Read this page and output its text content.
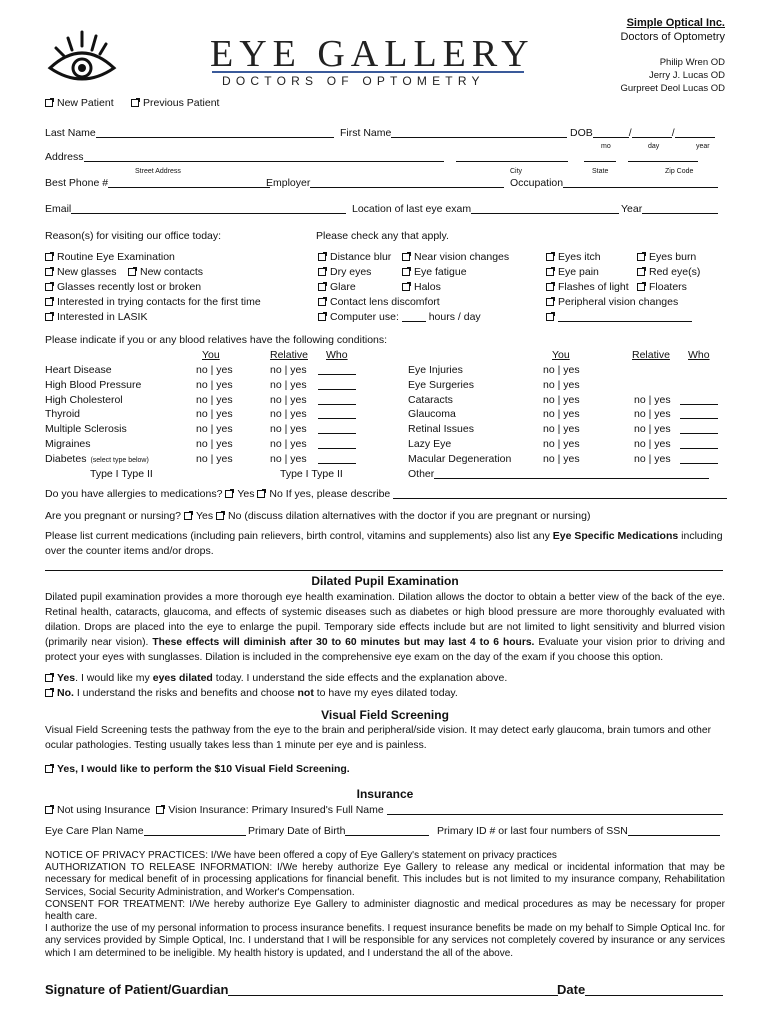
EYE GALLERY
DOCTORS OF OPTOMETRY
Simple Optical Inc.
Doctors of Optometry
Philip Wren OD
Jerry J. Lucas OD
Gurpreet Deol Lucas OD
New Patient	Previous Patient
Last Name	First Name	DOB	/	/
mo	day	year
Address
Street Address	City	State	Zip Code
Best Phone #	Employer	Occupation
Email	Location of last eye exam	Year
Reason(s) for visiting our office today:
Routine Eye Examination
New glasses	New contacts
Glasses recently lost or broken
Interested in trying contacts for the first time
Interested in LASIK
Please check any that apply.
Distance blur
Dry eyes
Glare
Contact lens discomfort
Computer use:	hours / day
Near vision changes
Eye fatigue
Halos
Eyes itch
Eye pain
Flashes of light
Peripheral vision changes
Eyes burn
Red eye(s)
Floaters
Please indicate if you or any blood relatives have the following conditions:
You	Relative Who	You	Relative Who
Heart Disease	no | yes	no | yes
High Blood Pressure	no | yes	no | yes
High Cholesterol	no | yes	no | yes
Thyroid	no | yes	no | yes
Multiple Sclerosis	no | yes	no | yes
Migraines	no | yes	no | yes
Diabetes (select type below)	no | yes	no | yes
Eye Injuries	no | yes
Eye Surgeries	no | yes
Cataracts	no | yes	no | yes
Glaucoma	no | yes	no | yes
Retinal Issues	no | yes	no | yes
Lazy Eye	no | yes	no | yes
Macular Degeneration	no | yes	no | yes
Type I Type II	Type I Type II	Other
Do you have allergies to medications? Yes No If yes, please describe
Are you pregnant or nursing? Yes No (discuss dilation alternatives with the doctor if you are pregnant or nursing)
Please list current medications (including pain relievers, birth control, vitamins and supplements) also list any Eye Specific Medications including
over the counter items and/or drops.
Dilated Pupil Examination
Dilated pupil examination provides a more thorough eye health examination. Dilation allows the doctor to obtain a better view of the back of the eye. Retinal health, cataracts, glaucoma, and effects of systemic diseases such as diabetes or high blood pressure are more thoroughly evaluated with dilation. Drops are placed into the eye to enlarge the pupil. Temporary side effects include but are not limited to light sensitivity and blurred vision (primarily near vision). These effects will diminish after 30 to 60 minutes but may last 4 to 6 hours. Evaluate your vision prior to driving and protect your eyes with sunglasses. Dilation is included in the comprehensive eye exam on the day of the exam if you choose this option.
Yes. I would like my eyes dilated today. I understand the side effects and the explanation above.
No. I understand the risks and benefits and choose not to have my eyes dilated today.
Visual Field Screening
Visual Field Screening tests the pathway from the eye to the brain and peripheral/side vision. It may detect early glaucoma, brain tumors and other ocular pathologies. Testing usually takes less than 1 minute per eye and is painless.
Yes, I would like to perform the $10 Visual Field Screening.
Insurance
Not using Insurance Vision Insurance: Primary Insured's Full Name
Eye Care Plan Name	Primary Date of Birth	Primary ID # or last four numbers of SSN
NOTICE OF PRIVACY PRACTICES: I/We have been offered a copy of Eye Gallery's statement on privacy practices
AUTHORIZATION TO RELEASE INFORMATION: I/We hereby authorize Eye Gallery to release any medical or incidental information that may be necessary for medical benefit of in processing applications for financial benefit. This includes but is not limited to my insurance company, Rehabilitation Services, Social Security Administration, and Worker's Compensation.
CONSENT FOR TREATMENT: I/We hereby authorize Eye Gallery to administer diagnostic and medical procedures as may be necessary for proper health care.
I authorize the use of my personal information to process insurance benefits. I request insurance benefits be made on my behalf to Simple Optical Inc. for any services provided by Simple Optical, Inc. I understand that I will be responsible for any services not completely covered by insurance or any services which I am determined to be ineligible. My health history is updated, and I understand the all of the above.
Signature of Patient/Guardian	Date
